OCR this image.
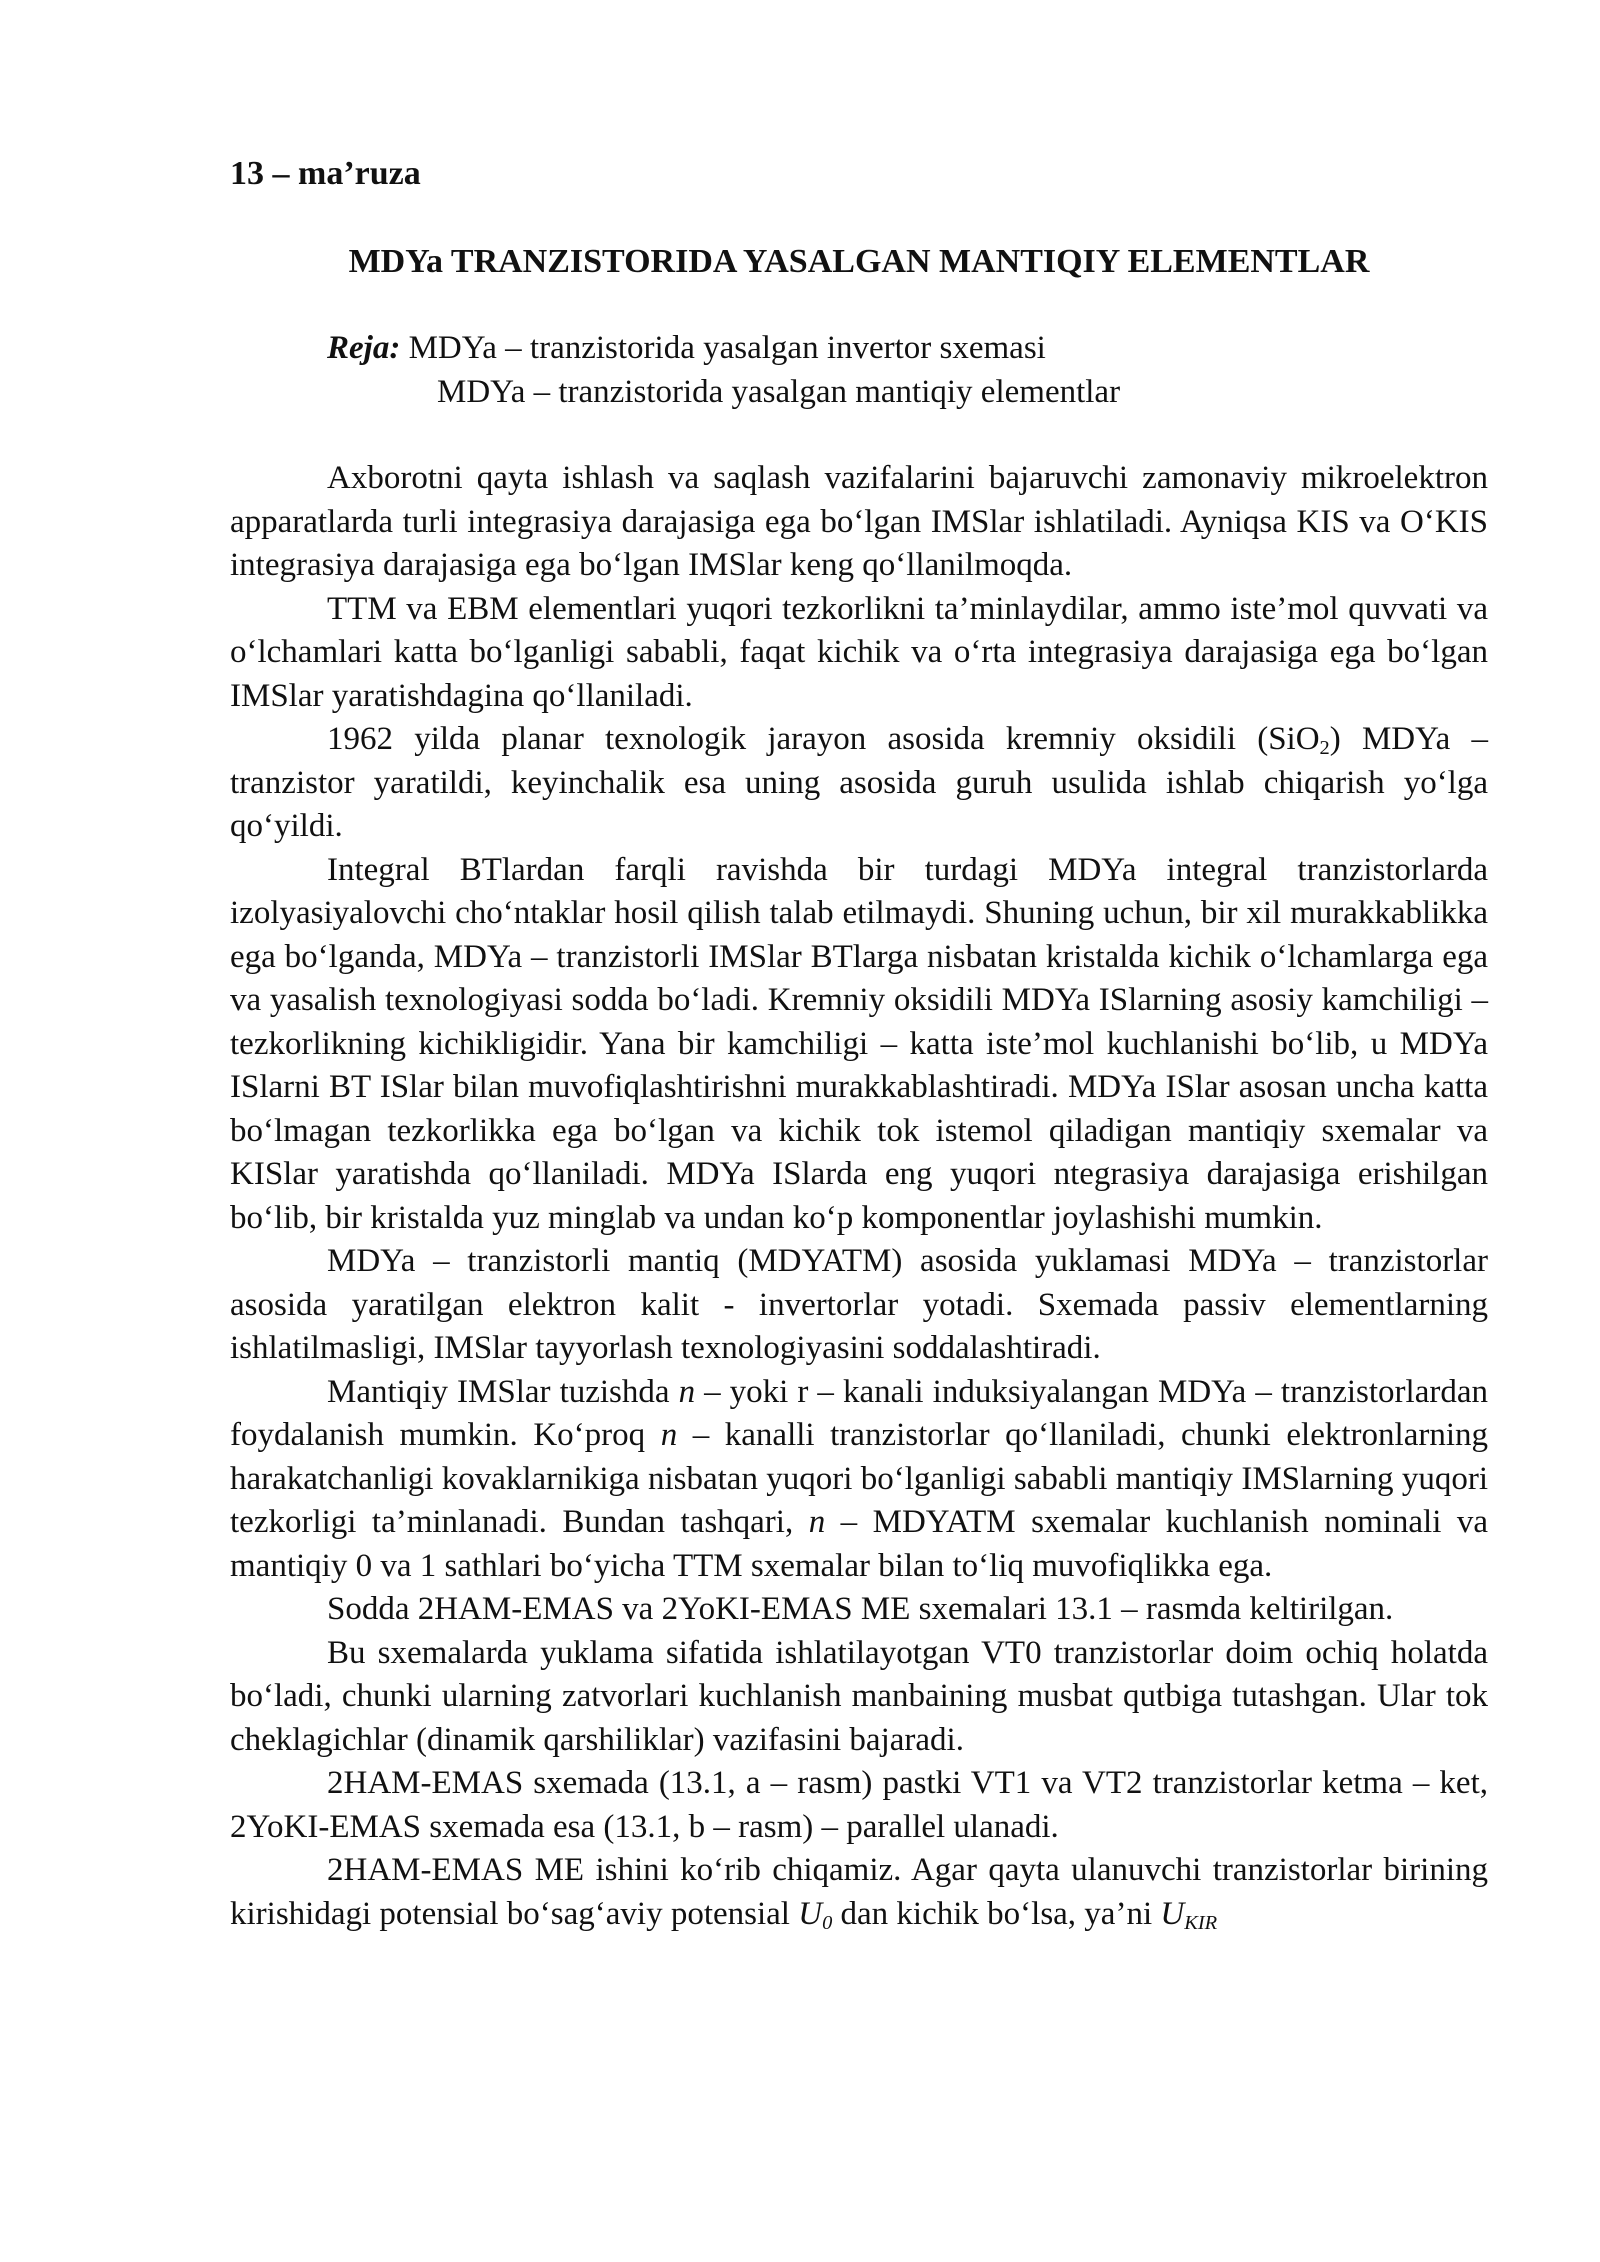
13 – ma’ruza
MDYa TRANZISTORIDA YASALGAN MANTIQIY ELEMENTLAR
Reja: MDYa – tranzistorida yasalgan invertor sxemasi
MDYa – tranzistorida yasalgan mantiqiy elementlar

Axborotni qayta ishlash va saqlash vazifalarini bajaruvchi zamonaviy mikroelektron apparatlarda turli integrasiya darajasiga ega bo‘lgan IMSlar ishlatiladi. Ayniqsa KIS va O‘KIS integrasiya darajasiga ega bo‘lgan IMSlar keng qo‘llanilmoqda.

TTM va EBM elementlari yuqori tezkorlikni ta’minlaydilar, ammo iste’mol quvvati va o‘lchamlari katta bo‘lganligi sababli, faqat kichik va o‘rta integrasiya darajasiga ega bo‘lgan IMSlar yaratishdagina qo‘llaniladi.

1962 yilda planar texnologik jarayon asosida kremniy oksidili (SiO$_2$) MDYa – tranzistor yaratildi, keyinchalik esa uning asosida guruh usulida ishlab chiqarish yo‘lga qo‘yildi.

Integral BTlardan farqli ravishda bir turdagi MDYa integral tranzistorlarda izolyasiyalovchi cho‘ntaklar hosil qilish talab etilmaydi. Shuning uchun, bir xil murakkablikka ega bo‘lganda, MDYa – tranzistorli IMSlar BTlarga nisbatan kristalda kichik o‘lchamlarga ega va yasalish texnologiyasi sodda bo‘ladi. Kremniy oksidili MDYa ISlarning asosiy kamchiligi –tezkorlikning kichikligidir. Yana bir kamchiligi – katta iste’mol kuchlanishi bo‘lib, u MDYa ISlarni BT ISlar bilan muvofiqlashtirishni murakkablashtiradi. MDYa ISlar asosan uncha katta bo‘lmagan tezkorlikka ega bo‘lgan va kichik tok istemol qiladigan mantiqiy sxemalar va KISlar yaratishda qo‘llaniladi. MDYa ISlarda eng yuqori ntegrasiya darajasiga erishilgan bo‘lib, bir kristalda yuz minglab va undan ko‘p komponentlar joylashishi mumkin.

MDYa – tranzistorli mantiq (MDYATM) asosida yuklamasi MDYa – tranzistorlar asosida yaratilgan elektron kalit - invertorlar yotadi. Sxemada passiv elementlarning ishlatilmasligi, IMSlar tayyorlash texnologiyasini soddalashtiradi.

Mantiqiy IMSlar tuzishda n – yoki r – kanali induksiyalangan MDYa – tranzistorlardan foydalanish mumkin. Ko‘proq n – kanalli tranzistorlar qo‘llaniladi, chunki elektronlarning harakatchanligi kovaklarnikiga nisbatan yuqori bo‘lganligi sababli mantiqiy IMSlarning yuqori tezkorligi ta’minlanadi. Bundan tashqari, n – MDYATM sxemalar kuchlanish nominali va mantiqiy 0 va 1 sathlari bo‘yicha TTM sxemalar bilan to‘liq muvofiqlikka ega.

Sodda 2HAM-EMAS va 2YoKI-EMAS ME sxemalari 13.1 – rasmda keltirilgan.

Bu sxemalarda yuklama sifatida ishlatilayotgan VT0 tranzistorlar doim ochiq holatda bo‘ladi, chunki ularning zatvorlari kuchlanish manbaining musbat qutbiga tutashgan. Ular tok cheklagichlar (dinamik qarshiliklar) vazifasini bajaradi.

2HAM-EMAS sxemada (13.1, a – rasm) pastki VT1 va VT2 tranzistorlar ketma – ket, 2YoKI-EMAS sxemada esa (13.1, b – rasm) – parallel ulanadi.

2HAM-EMAS ME ishini ko‘rib chiqamiz. Agar qayta ulanuvchi tranzistorlar birining kirishidagi potensial bo‘sag‘aviy potensial $U_0$ dan kichik bo‘lsa, ya’ni $U_{KIR}$
